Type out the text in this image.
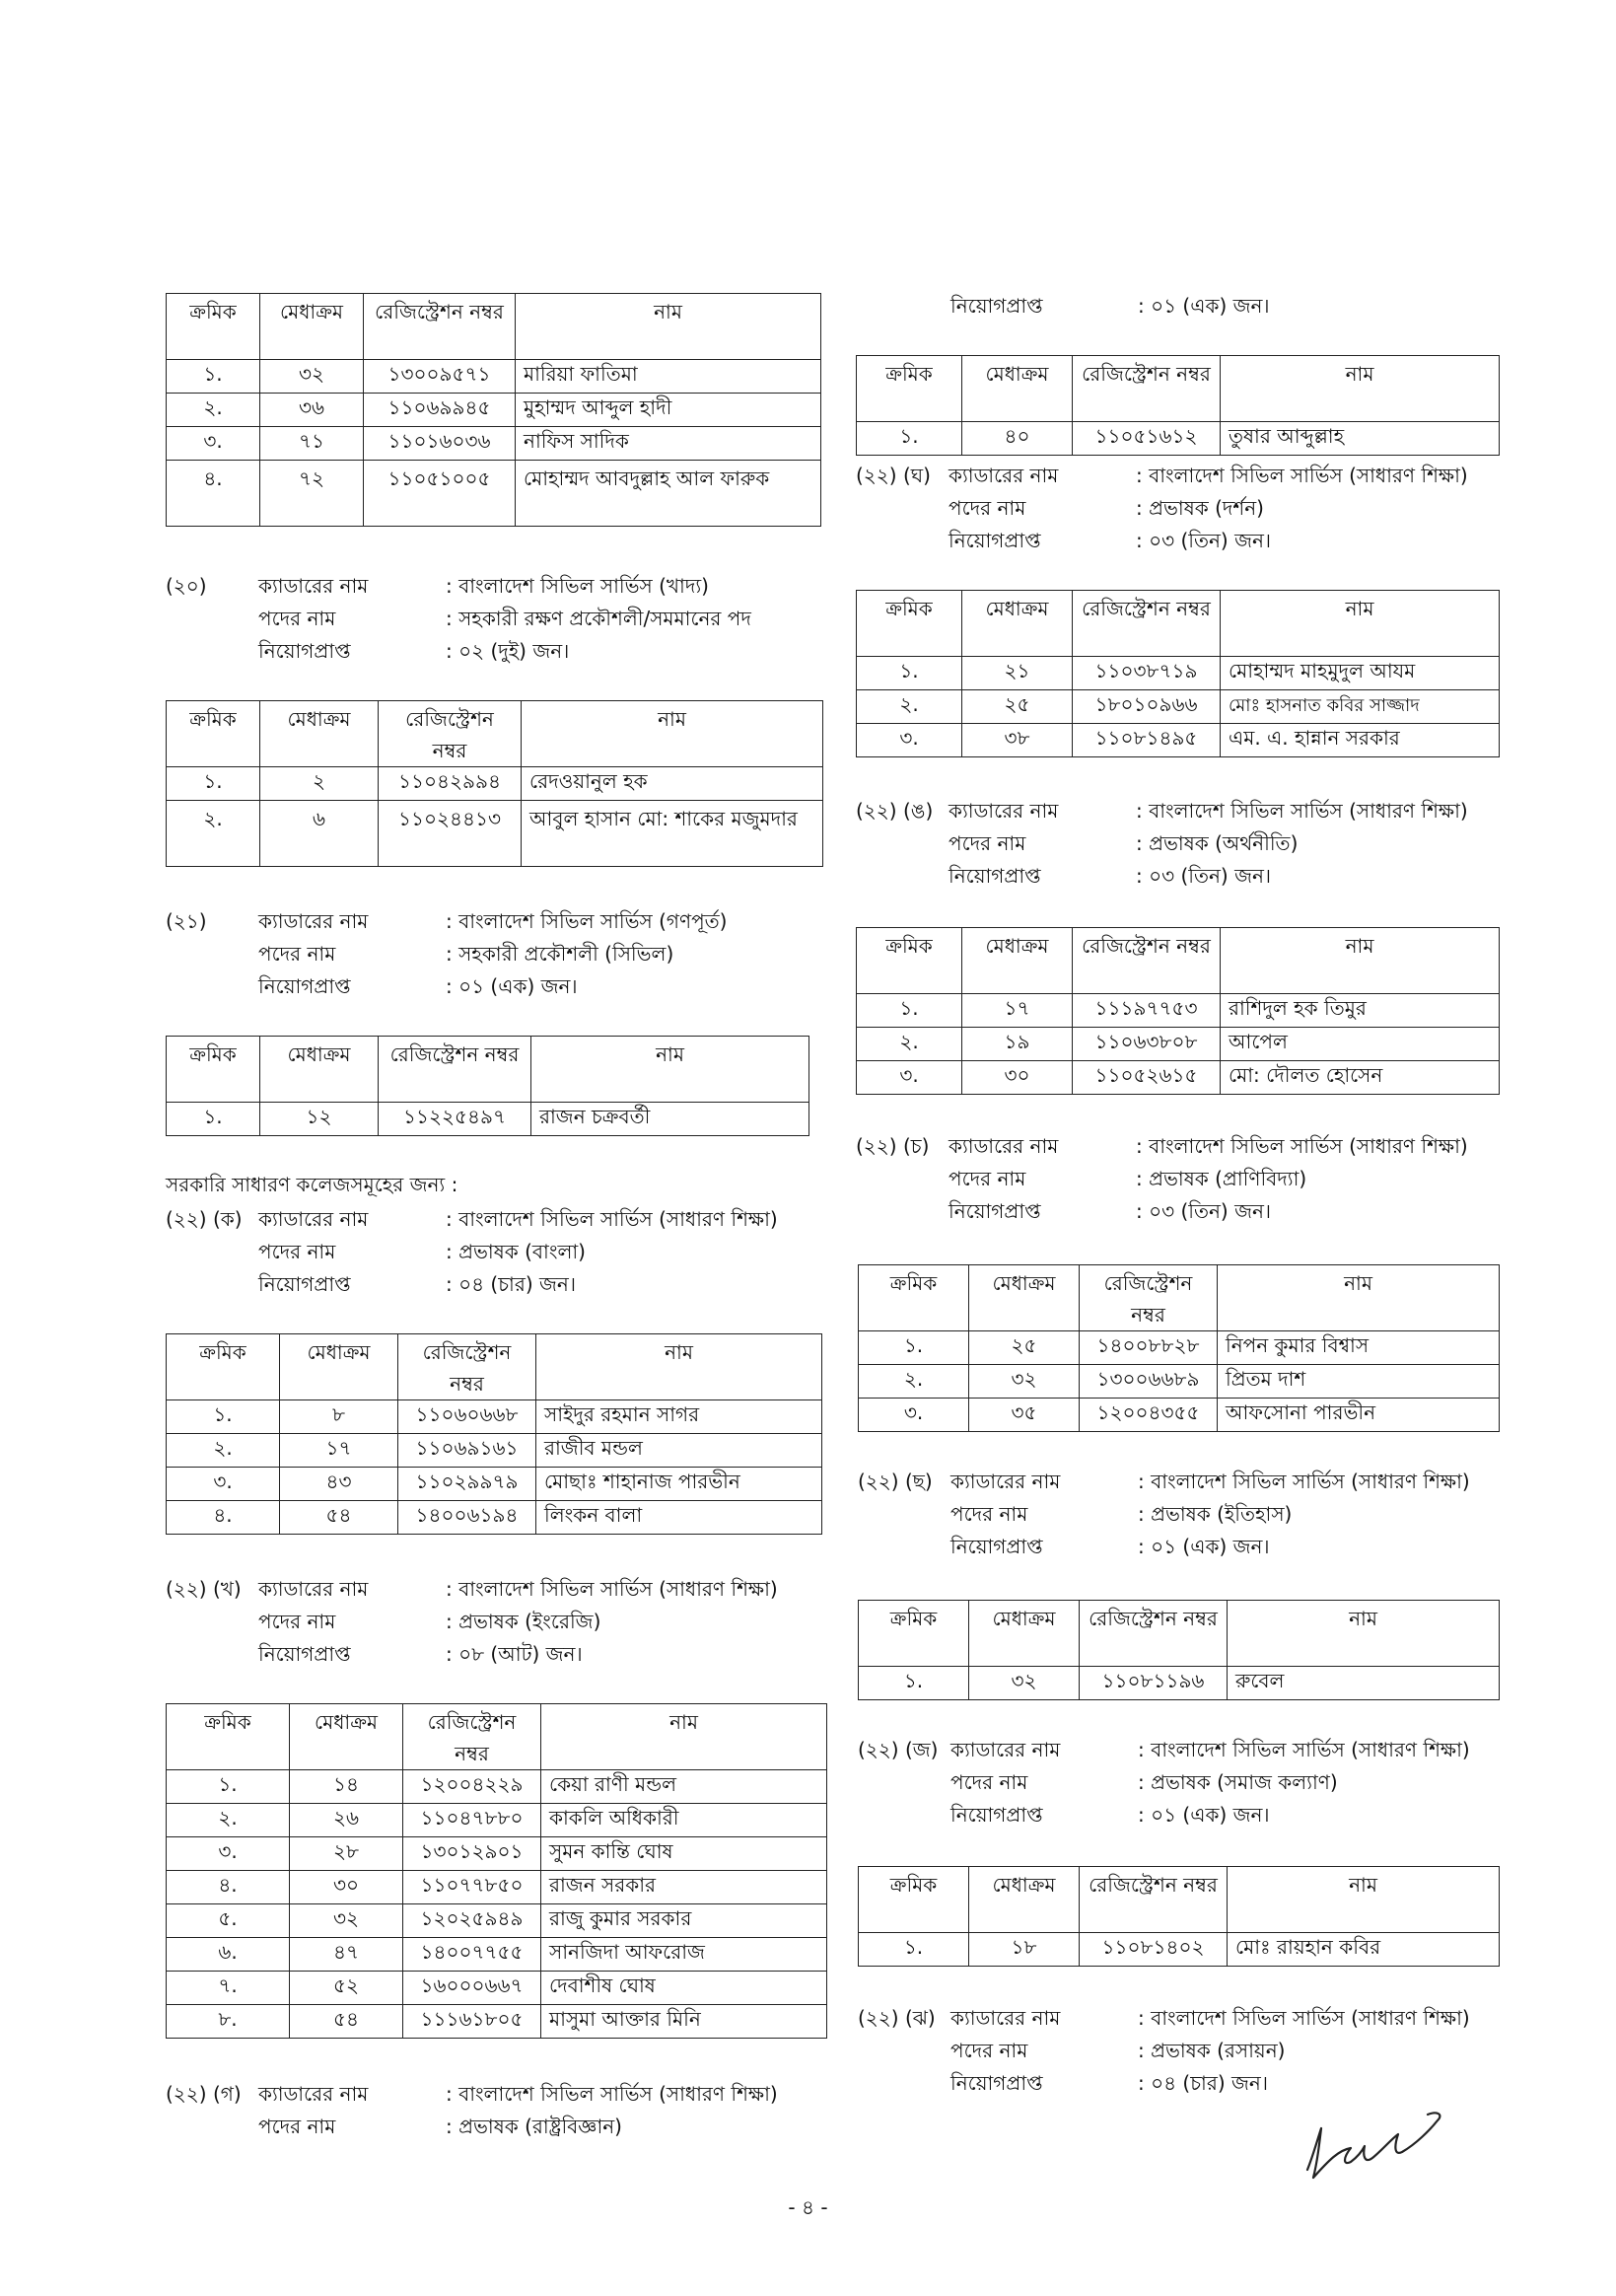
ক্রমিক	মেধাক্রম	রেজিস্ট্রেশন নম্বর	নাম
১.	৩২	১৩০০৯৫৭১	মারিয়া ফাতিমা
২.	৩৬	১১০৬৯৯৪৫	মুহাম্মদ আব্দুল হাদী
৩.	৭১	১১০১৬০৩৬	নাফিস সাদিক
৪.	৭২	১১০৫১০০৫	মোহাম্মদ আবদুল্লাহ আল ফারুক
(২০)	ক্যাডারের নাম	: বাংলাদেশ সিভিল সার্ভিস (খাদ্য)
পদের নাম	: সহকারী রক্ষণ প্রকৌশলী/সমমানের পদ
নিয়োগপ্রাপ্ত	: ০২ (দুই) জন।
ক্রমিক	মেধাক্রম	রেজিস্ট্রেশন নম্বর	নাম
১.	২	১১০৪২৯৯৪	রেদওয়ানুল হক
২.	৬	১১০২৪৪১৩	আবুল হাসান মো: শাকের মজুমদার
(২১)	ক্যাডারের নাম	: বাংলাদেশ সিভিল সার্ভিস (গণপূর্ত)
পদের নাম	: সহকারী প্রকৌশলী (সিভিল)
নিয়োগপ্রাপ্ত	: ০১ (এক) জন।
ক্রমিক	মেধাক্রম	রেজিস্ট্রেশন নম্বর	নাম
১.	১২	১১২২৫৪৯৭	রাজন চক্রবর্তী
সরকারি সাধারণ কলেজসমূহের জন্য :
(২২) (ক) ক্যাডারের নাম	: বাংলাদেশ সিভিল সার্ভিস (সাধারণ শিক্ষা)
পদের নাম	: প্রভাষক (বাংলা)
নিয়োগপ্রাপ্ত	: ০৪ (চার) জন।
ক্রমিক	মেধাক্রম	রেজিস্ট্রেশন নম্বর	নাম
১.	৮	১১০৬০৬৬৮	সাইদুর রহমান সাগর
২.	১৭	১১০৬৯১৬১	রাজীব মন্ডল
৩.	৪৩	১১০২৯৯৭৯	মোছাঃ শাহানাজ পারভীন
৪.	৫৪	১৪০০৬১৯৪	লিংকন বালা
(২২) (খ) ক্যাডারের নাম	: বাংলাদেশ সিভিল সার্ভিস (সাধারণ শিক্ষা)
পদের নাম	: প্রভাষক (ইংরেজি)
নিয়োগপ্রাপ্ত	: ০৮ (আট) জন।
ক্রমিক	মেধাক্রম	রেজিস্ট্রেশন নম্বর	নাম
১.	১৪	১২০০৪২২৯	কেয়া রাণী মন্ডল
২.	২৬	১১০৪৭৮৮০	কাকলি অধিকারী
৩.	২৮	১৩০১২৯০১	সুমন কান্তি ঘোষ
৪.	৩০	১১০৭৭৮৫০	রাজন সরকার
৫.	৩২	১২০২৫৯৪৯	রাজু কুমার সরকার
৬.	৪৭	১৪০০৭৭৫৫	সানজিদা আফরোজ
৭.	৫২	১৬০০০৬৬৭	দেবাশীষ ঘোষ
৮.	৫৪	১১১৬১৮০৫	মাসুমা আক্তার মিনি
(২২) (গ) ক্যাডারের নাম	: বাংলাদেশ সিভিল সার্ভিস (সাধারণ শিক্ষা)
পদের নাম	: প্রভাষক (রাষ্ট্রবিজ্ঞান)
নিয়োগপ্রাপ্ত	: ০১ (এক) জন।
ক্রমিক	মেধাক্রম	রেজিস্ট্রেশন নম্বর	নাম
১.	৪০	১১০৫১৬১২	তুষার আব্দুল্লাহ
(২২) (ঘ) ক্যাডারের নাম	: বাংলাদেশ সিভিল সার্ভিস (সাধারণ শিক্ষা)
পদের নাম	: প্রভাষক (দর্শন)
নিয়োগপ্রাপ্ত	: ০৩ (তিন) জন।
ক্রমিক	মেধাক্রম	রেজিস্ট্রেশন নম্বর	নাম
১.	২১	১১০৩৮৭১৯	মোহাম্মদ মাহমুদুল আযম
২.	২৫	১৮০১০৯৬৬	মোঃ হাসনাত কবির সাজ্জাদ
৩.	৩৮	১১০৮১৪৯৫	এম. এ. হান্নান সরকার
(২২) (ঙ) ক্যাডারের নাম	: বাংলাদেশ সিভিল সার্ভিস (সাধারণ শিক্ষা)
পদের নাম	: প্রভাষক (অর্থনীতি)
নিয়োগপ্রাপ্ত	: ০৩ (তিন) জন।
ক্রমিক	মেধাক্রম	রেজিস্ট্রেশন নম্বর	নাম
১.	১৭	১১১৯৭৭৫৩	রাশিদুল হক তিমুর
২.	১৯	১১০৬৩৮০৮	আপেল
৩.	৩০	১১০৫২৬১৫	মো: দৌলত হোসেন
(২২) (চ) ক্যাডারের নাম	: বাংলাদেশ সিভিল সার্ভিস (সাধারণ শিক্ষা)
পদের নাম	: প্রভাষক (প্রাণিবিদ্যা)
নিয়োগপ্রাপ্ত	: ০৩ (তিন) জন।
ক্রমিক	মেধাক্রম	রেজিস্ট্রেশন নম্বর	নাম
১.	২৫	১৪০০৮৮২৮	নিপন কুমার বিশ্বাস
২.	৩২	১৩০০৬৬৮৯	প্রিতম দাশ
৩.	৩৫	১২০০৪৩৫৫	আফসোনা পারভীন
(২২) (ছ) ক্যাডারের নাম	: বাংলাদেশ সিভিল সার্ভিস (সাধারণ শিক্ষা)
পদের নাম	: প্রভাষক (ইতিহাস)
নিয়োগপ্রাপ্ত	: ০১ (এক) জন।
ক্রমিক	মেধাক্রম	রেজিস্ট্রেশন নম্বর	নাম
১.	৩২	১১০৮১১৯৬	রুবেল
(২২) (জ) ক্যাডারের নাম	: বাংলাদেশ সিভিল সার্ভিস (সাধারণ শিক্ষা)
পদের নাম	: প্রভাষক (সমাজ কল্যাণ)
নিয়োগপ্রাপ্ত	: ০১ (এক) জন।
ক্রমিক	মেধাক্রম	রেজিস্ট্রেশন নম্বর	নাম
১.	১৮	১১০৮১৪০২	মোঃ রায়হান কবির
(২২) (ঝ) ক্যাডারের নাম	: বাংলাদেশ সিভিল সার্ভিস (সাধারণ শিক্ষা)
পদের নাম	: প্রভাষক (রসায়ন)
নিয়োগপ্রাপ্ত	: ০৪ (চার) জন।
- ৪ -
